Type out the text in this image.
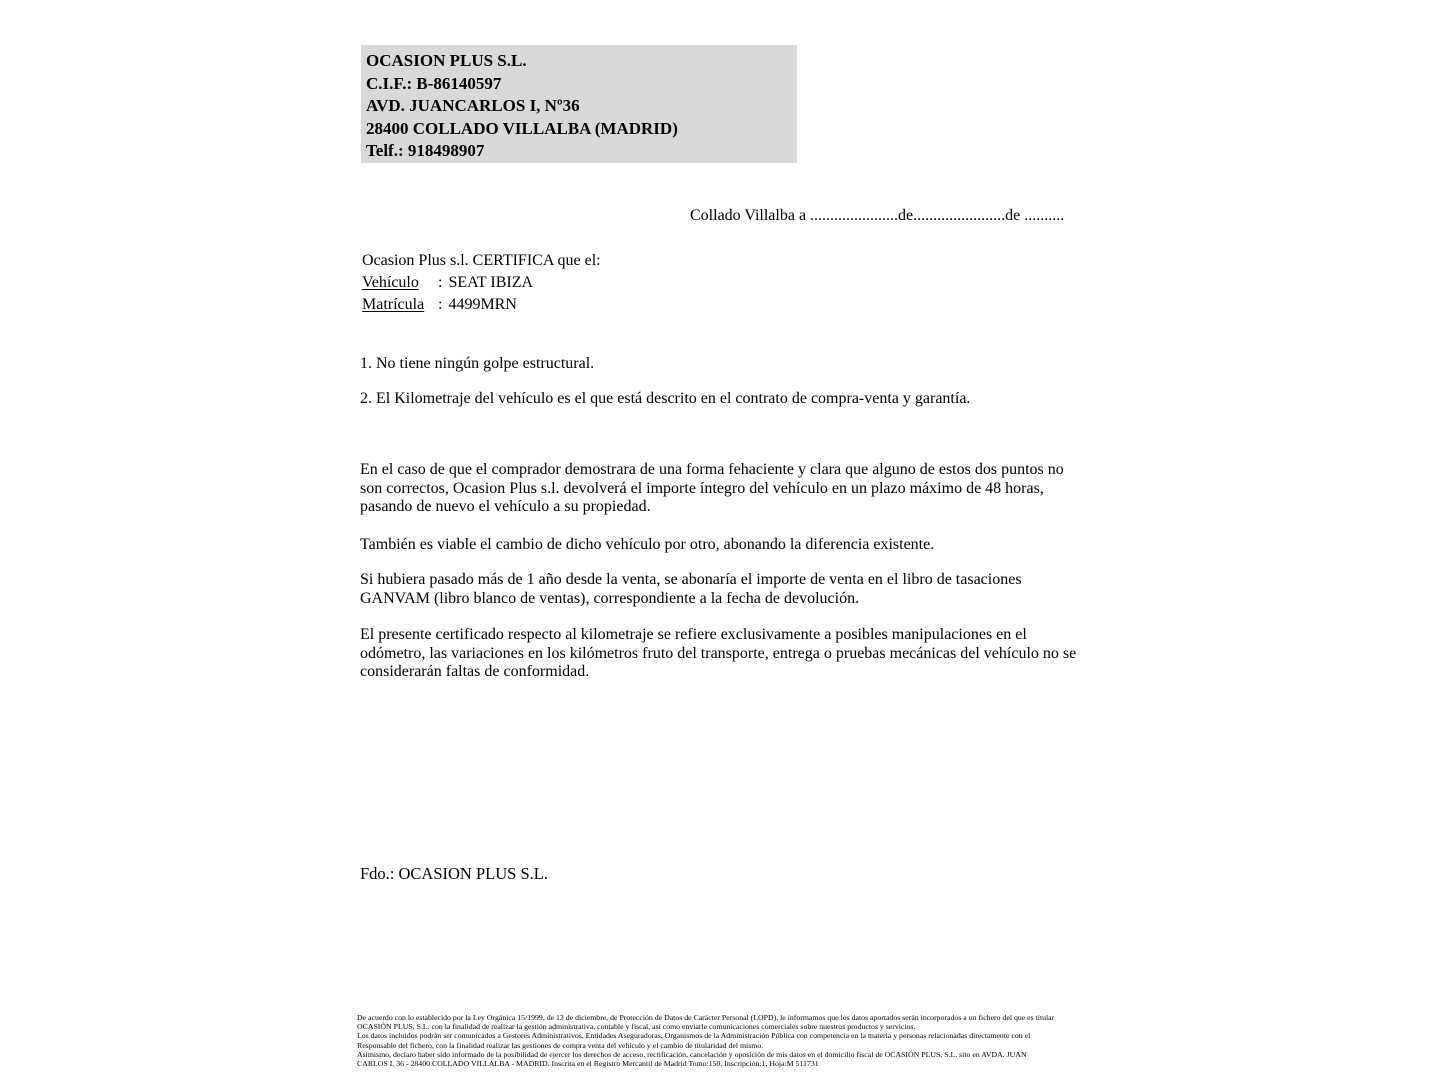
OCASION PLUS S.L.
C.I.F.: B-86140597
AVD. JUANCARLOS I, Nº36
28400 COLLADO VILLALBA (MADRID)
Telf.: 918498907
Collado Villalba a ......................de.......................de ..........
Ocasion Plus s.l. CERTIFICA que el:
Vehículo : SEAT IBIZA
Matrícula : 4499MRN
1. No tiene ningún golpe estructural.
2. El Kilometraje del vehículo es el que está descrito en el contrato de compra-venta y garantía.
En el caso de que el comprador demostrara de una forma fehaciente y clara que alguno de estos dos puntos no son correctos, Ocasion Plus s.l. devolverá el importe íntegro del vehículo en un plazo máximo de 48 horas, pasando de nuevo el vehículo a su propiedad.
También es viable el cambio de dicho vehículo por otro, abonando la diferencia existente.
Si hubiera pasado más de 1 año desde la venta, se abonaría el importe de venta en el libro de tasaciones GANVAM (libro blanco de ventas), correspondiente a la fecha de devolución.
El presente certificado respecto al kilometraje se refiere exclusivamente a posibles manipulaciones en el odómetro, las variaciones en los kilómetros fruto del transporte, entrega o pruebas mecánicas del vehículo no se considerarán faltas de conformidad.
Fdo.: OCASION PLUS S.L.
De acuerdo con lo establecido por la Ley Orgánica 15/1999, de 13 de diciembre, de Protección de Datos de Carácter Personal (LOPD), le informamos que los datos aportados serán incorporados a un fichero del que es titular
OCASIÓN PLUS, S.L. con la finalidad de realizar la gestión administrativa, contable y fiscal, así como enviarle comunicaciones comerciales sobre nuestros productos y servicios.
Los datos incluidos podrán ser comunicados a Gestores Administrativos, Entidades Aseguradoras, Organismos de la Administración Pública con competencia en la materia y personas relacionadas directamente con el
Responsable del fichero, con la finalidad realizar las gestiones de compra venta del vehículo y el cambio de titularidad del mismo.
Asimismo, declaro haber sido informado de la posibilidad de ejercer los derechos de acceso, rectificación, cancelación y oposición de mis datos en el domicilio fiscal de OCASIÓN PLUS, S.L. sito en AVDA. JUAN
CARLOS I, 36 - 28400 COLLADO VILLALBA - MADRID. Inscrita en el Registro Mercantil de Madrid Tomo:150, Inscripción:1, Hoja:M 511731
